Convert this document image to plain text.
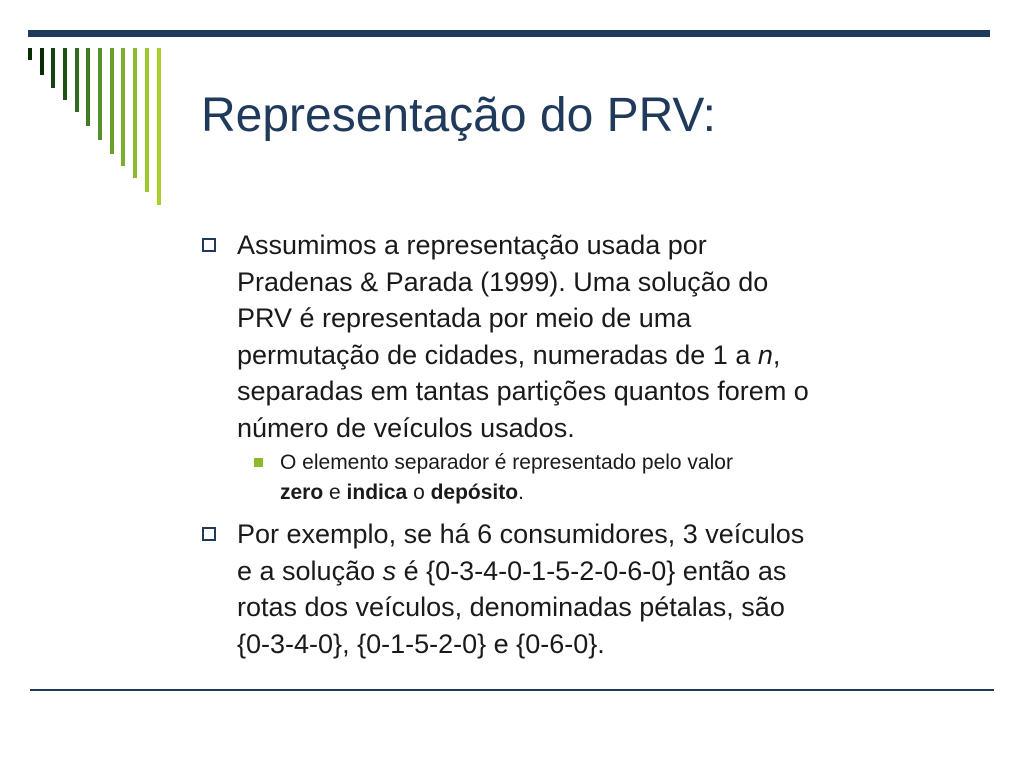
Representação do PRV:
Assumimos a representação usada por
Pradenas & Parada (1999). Uma solução do
PRV é representada por meio de uma
permutação de cidades, numeradas de 1 a n,
separadas em tantas partições quantos forem o
número de veículos usados.
O elemento separador é representado pelo valor
zero e indica o depósito.
Por exemplo, se há 6 consumidores, 3 veículos
e a solução s é {0-3-4-0-1-5-2-0-6-0} então as
rotas dos veículos, denominadas pétalas, são
{0-3-4-0}, {0-1-5-2-0} e {0-6-0}.
